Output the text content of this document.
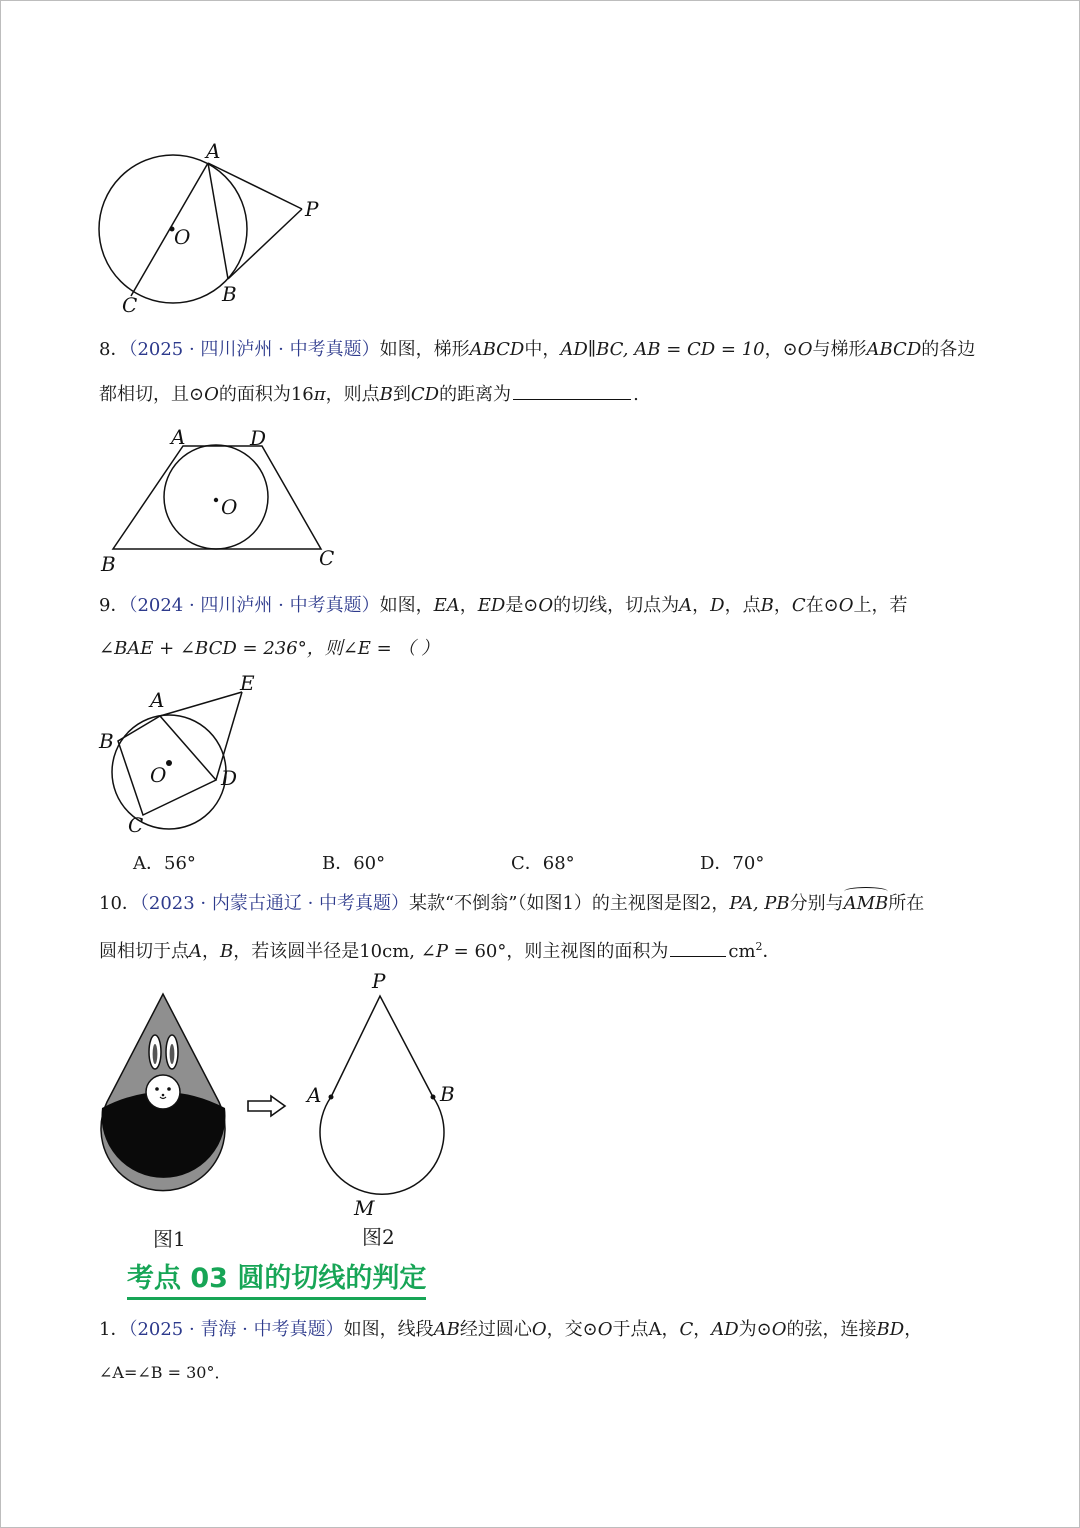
A
P
O
C	B
8．（2025 · 四川泸州 · 中考真题）如图，梯形ABCD中，AD∥BC, AB = CD = 10，⊙O与梯形ABCD的各边
都相切，且⊙O的面积为16π，则点B到CD的距离为	.
A	D
O
B	C
9．（2024 · 四川泸州 · 中考真题）如图，EA，ED是⊙O的切线，切点为A，D，点B，C在⊙O上，若
∠BAE + ∠BCD = 236°，则∠E = （ ）
A
E
B
O	D
C
A．56°	B．60°	C．68°	D．70°
10．（2023 · 内蒙古通辽 · 中考真题）某款“不倒翁”（如图1）的主视图是图2，PA, PB分别与AMB所在
圆相切于点A，B，若该圆半径是10cm, ∠P = 60°，则主视图的面积为	$cm^2$．
P
A	B
M
图1	图2
考点 03 圆的切线的判定
1．（2025 · 青海 · 中考真题）如图，线段AB经过圆心O，交⊙O于点A，C，AD为⊙O的弦，连接BD，
∠A=∠B = 30°．
